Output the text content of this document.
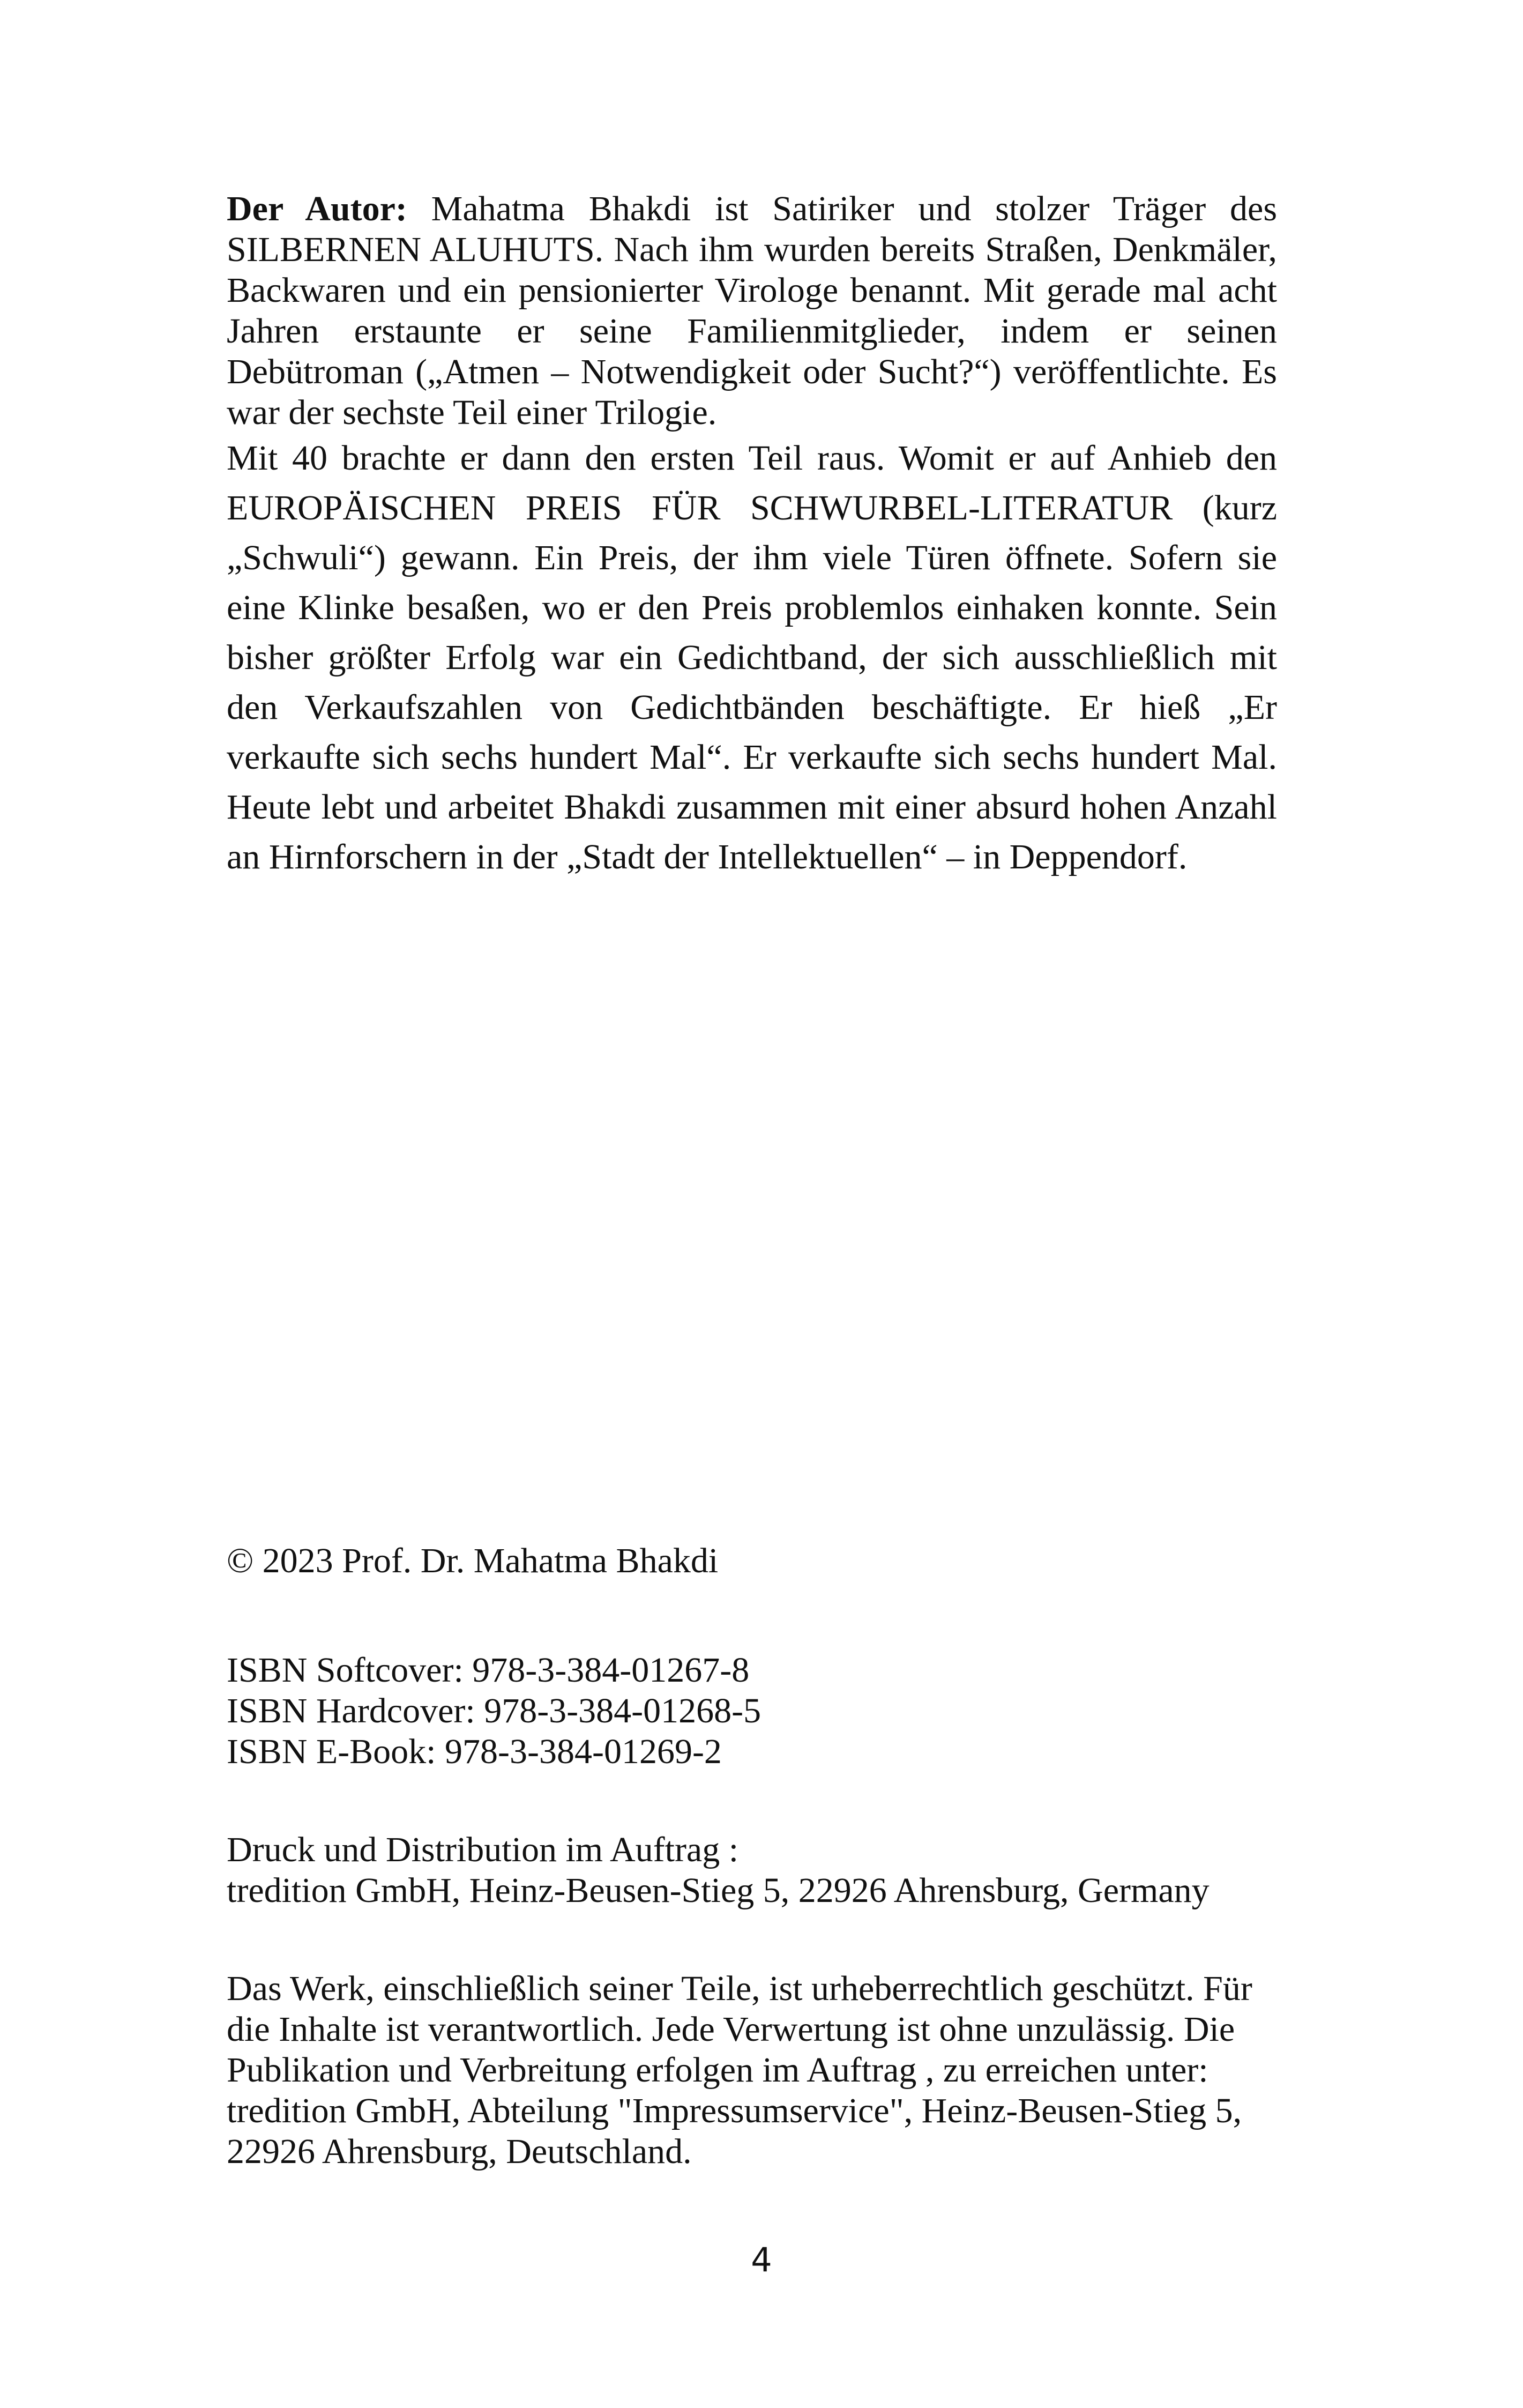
Der Autor: Mahatma Bhakdi ist Satiriker und stolzer Träger des SILBERNEN ALUHUTS. Nach ihm wurden bereits Straßen, Denkmäler, Backwaren und ein pensionierter Virologe benannt. Mit gerade mal acht Jahren erstaunte er seine Familienmitglieder, indem er seinen Debütroman („Atmen – Notwendigkeit oder Sucht?“) veröffentlichte. Es war der sechste Teil einer Trilogie.

Mit 40 brachte er dann den ersten Teil raus. Womit er auf Anhieb den EUROPÄISCHEN PREIS FÜR SCHWURBEL-LITERATUR (kurz „Schwuli“) gewann. Ein Preis, der ihm viele Türen öffnete. Sofern sie eine Klinke besaßen, wo er den Preis problemlos einhaken konnte. Sein bisher größter Erfolg war ein Gedichtband, der sich ausschließlich mit den Verkaufszahlen von Gedichtbänden beschäftigte. Er hieß „Er verkaufte sich sechs hundert Mal“. Er verkaufte sich sechs hundert Mal. Heute lebt und arbeitet Bhakdi zusammen mit einer absurd hohen Anzahl an Hirnforschern in der „Stadt der Intellektuellen“ – in Deppendorf.

© 2023 Prof. Dr. Mahatma Bhakdi
ISBN Softcover: 978-3-384-01267-8
ISBN Hardcover: 978-3-384-01268-5
ISBN E-Book: 978-3-384-01269-2
Druck und Distribution im Auftrag :
tredition GmbH, Heinz-Beusen-Stieg 5, 22926 Ahrensburg, Germany
Das Werk, einschließlich seiner Teile, ist urheberrechtlich geschützt. Für
die Inhalte ist verantwortlich. Jede Verwertung ist ohne unzulässig. Die
Publikation und Verbreitung erfolgen im Auftrag , zu erreichen unter:
tredition GmbH, Abteilung "Impressumservice", Heinz-Beusen-Stieg 5,
22926 Ahrensburg, Deutschland.
4
